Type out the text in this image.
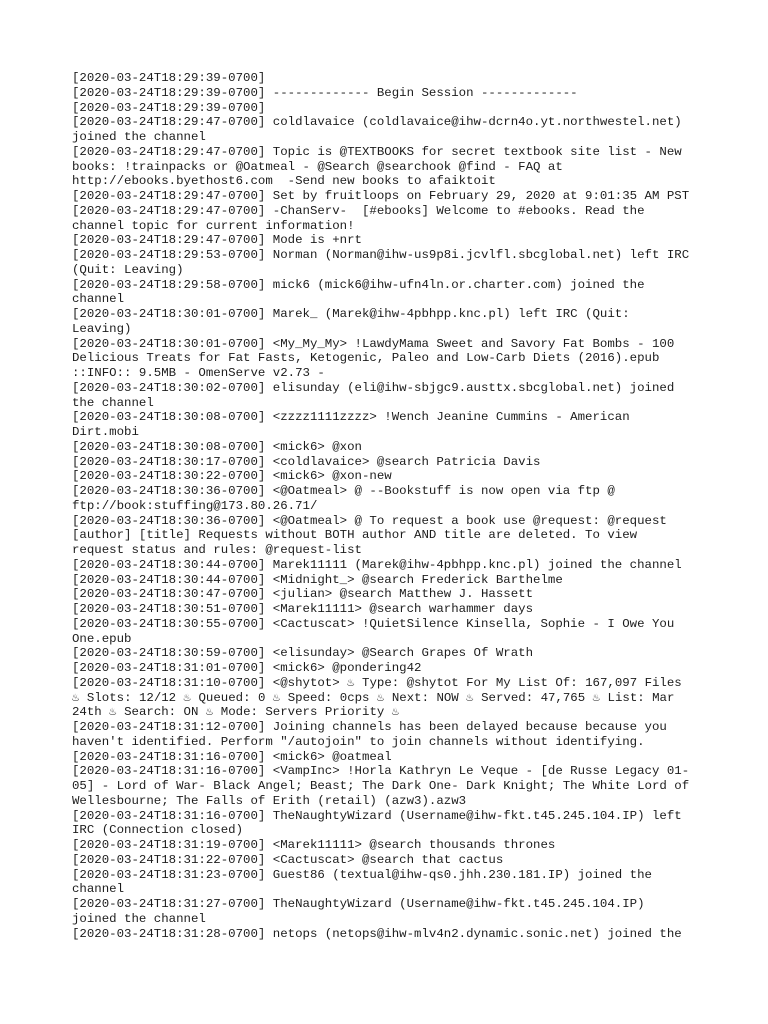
[2020-03-24T18:29:39-0700]
[2020-03-24T18:29:39-0700] ------------- Begin Session -------------
[2020-03-24T18:29:39-0700]
[2020-03-24T18:29:47-0700] coldlavaice (coldlavaice@ihw-dcrn4o.yt.northwestel.net)
joined the channel
[2020-03-24T18:29:47-0700] Topic is @TEXTBOOKS for secret textbook site list - New
books: !trainpacks or @Oatmeal - @Search @searchook @find - FAQ at
http://ebooks.byethost6.com  -Send new books to afaiktoit
[2020-03-24T18:29:47-0700] Set by fruitloops on February 29, 2020 at 9:01:35 AM PST
[2020-03-24T18:29:47-0700] -ChanServ-  [#ebooks] Welcome to #ebooks. Read the
channel topic for current information!
[2020-03-24T18:29:47-0700] Mode is +nrt
[2020-03-24T18:29:53-0700] Norman (Norman@ihw-us9p8i.jcvlfl.sbcglobal.net) left IRC
(Quit: Leaving)
[2020-03-24T18:29:58-0700] mick6 (mick6@ihw-ufn4ln.or.charter.com) joined the
channel
[2020-03-24T18:30:01-0700] Marek_ (Marek@ihw-4pbhpp.knc.pl) left IRC (Quit:
Leaving)
[2020-03-24T18:30:01-0700] <My_My_My> !LawdyMama Sweet and Savory Fat Bombs - 100
Delicious Treats for Fat Fasts, Ketogenic, Paleo and Low-Carb Diets (2016).epub
::INFO:: 9.5MB - OmenServe v2.73 -
[2020-03-24T18:30:02-0700] elisunday (eli@ihw-sbjgc9.austtx.sbcglobal.net) joined
the channel
[2020-03-24T18:30:08-0700] <zzzz1111zzzz> !Wench Jeanine Cummins - American
Dirt.mobi
[2020-03-24T18:30:08-0700] <mick6> @xon
[2020-03-24T18:30:17-0700] <coldlavaice> @search Patricia Davis
[2020-03-24T18:30:22-0700] <mick6> @xon-new
[2020-03-24T18:30:36-0700] <@Oatmeal> @ --Bookstuff is now open via ftp @
ftp://book:stuffing@173.80.26.71/
[2020-03-24T18:30:36-0700] <@Oatmeal> @ To request a book use @request: @request
[author] [title] Requests without BOTH author AND title are deleted. To view
request status and rules: @request-list
[2020-03-24T18:30:44-0700] Marek11111 (Marek@ihw-4pbhpp.knc.pl) joined the channel
[2020-03-24T18:30:44-0700] <Midnight_> @search Frederick Barthelme
[2020-03-24T18:30:47-0700] <julian> @search Matthew J. Hassett
[2020-03-24T18:30:51-0700] <Marek11111> @search warhammer days
[2020-03-24T18:30:55-0700] <Cactuscat> !QuietSilence Kinsella, Sophie - I Owe You
One.epub
[2020-03-24T18:30:59-0700] <elisunday> @Search Grapes Of Wrath
[2020-03-24T18:31:01-0700] <mick6> @pondering42
[2020-03-24T18:31:10-0700] <@shytot> ♨ Type: @shytot For My List Of: 167,097 Files
♨ Slots: 12/12 ♨ Queued: 0 ♨ Speed: 0cps ♨ Next: NOW ♨ Served: 47,765 ♨ List: Mar
24th ♨ Search: ON ♨ Mode: Servers Priority ♨
[2020-03-24T18:31:12-0700] Joining channels has been delayed because because you
haven't identified. Perform "/autojoin" to join channels without identifying.
[2020-03-24T18:31:16-0700] <mick6> @oatmeal
[2020-03-24T18:31:16-0700] <VampInc> !Horla Kathryn Le Veque - [de Russe Legacy 01-
05] - Lord of War- Black Angel; Beast; The Dark One- Dark Knight; The White Lord of
Wellesbourne; The Falls of Erith (retail) (azw3).azw3
[2020-03-24T18:31:16-0700] TheNaughtyWizard (Username@ihw-fkt.t45.245.104.IP) left
IRC (Connection closed)
[2020-03-24T18:31:19-0700] <Marek11111> @search thousands thrones
[2020-03-24T18:31:22-0700] <Cactuscat> @search that cactus
[2020-03-24T18:31:23-0700] Guest86 (textual@ihw-qs0.jhh.230.181.IP) joined the
channel
[2020-03-24T18:31:27-0700] TheNaughtyWizard (Username@ihw-fkt.t45.245.104.IP)
joined the channel
[2020-03-24T18:31:28-0700] netops (netops@ihw-mlv4n2.dynamic.sonic.net) joined the
